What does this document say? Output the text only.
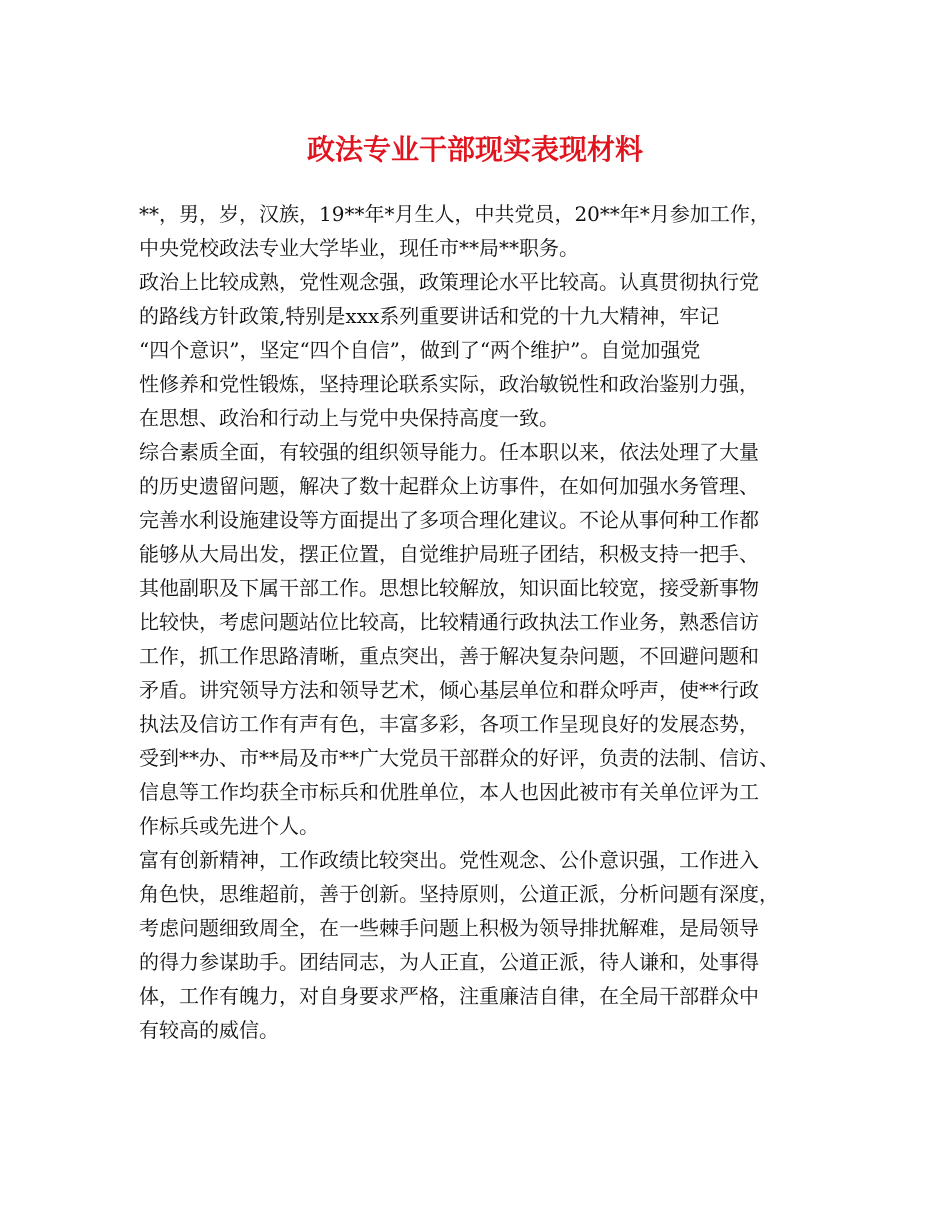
政法专业干部现实表现材料
**，男，岁，汉族，19**年*月生人，中共党员，20**年*月参加工作，
中央党校政法专业大学毕业，现任市**局**职务。
政治上比较成熟，党性观念强，政策理论水平比较高。认真贯彻执行党
的路线方针政策,特别是xxx系列重要讲话和党的十九大精神，牢记
“四个意识”，坚定“四个自信”，做到了“两个维护”。自觉加强党
性修养和党性锻炼，坚持理论联系实际，政治敏锐性和政治鉴别力强，
在思想、政治和行动上与党中央保持高度一致。
综合素质全面，有较强的组织领导能力。任本职以来，依法处理了大量
的历史遗留问题，解决了数十起群众上访事件，在如何加强水务管理、
完善水利设施建设等方面提出了多项合理化建议。不论从事何种工作都
能够从大局出发，摆正位置，自觉维护局班子团结，积极支持一把手、
其他副职及下属干部工作。思想比较解放，知识面比较宽，接受新事物
比较快，考虑问题站位比较高，比较精通行政执法工作业务，熟悉信访
工作，抓工作思路清晰，重点突出，善于解决复杂问题，不回避问题和
矛盾。讲究领导方法和领导艺术，倾心基层单位和群众呼声，使**行政
执法及信访工作有声有色，丰富多彩，各项工作呈现良好的发展态势，
受到**办、市**局及市**广大党员干部群众的好评，负责的法制、信访、
信息等工作均获全市标兵和优胜单位，本人也因此被市有关单位评为工
作标兵或先进个人。
富有创新精神，工作政绩比较突出。党性观念、公仆意识强，工作进入
角色快，思维超前，善于创新。坚持原则，公道正派，分析问题有深度，
考虑问题细致周全，在一些棘手问题上积极为领导排扰解难，是局领导
的得力参谋助手。团结同志，为人正直，公道正派，待人谦和，处事得
体，工作有魄力，对自身要求严格，注重廉洁自律，在全局干部群众中
有较高的威信。
